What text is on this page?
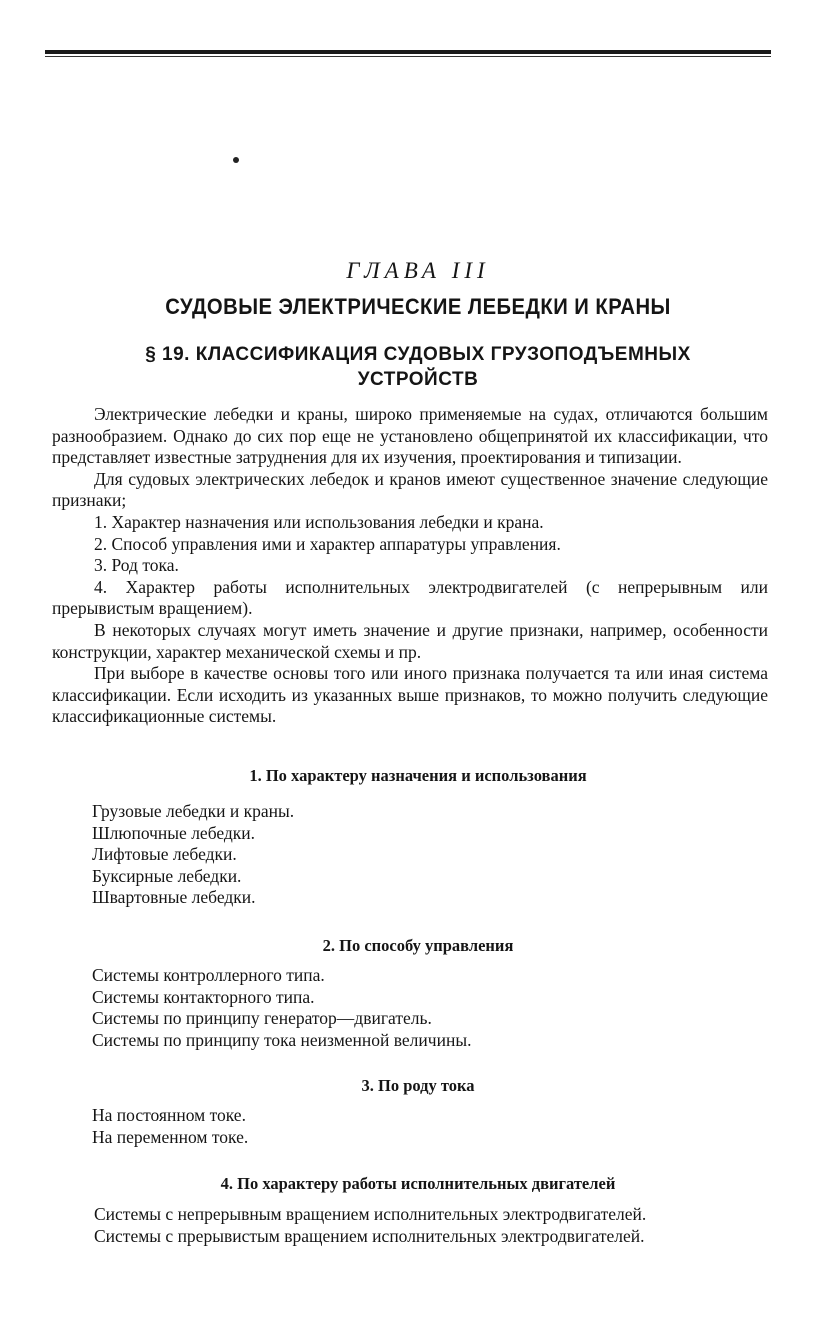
ГЛАВА III
СУДОВЫЕ ЭЛЕКТРИЧЕСКИЕ ЛЕБЕДКИ И КРАНЫ
§ 19. КЛАССИФИКАЦИЯ СУДОВЫХ ГРУЗОПОДЪЕМНЫХ
УСТРОЙСТВ

Электрические лебедки и краны, широко применяемые на судах, отличаются большим разнообразием. Однако до сих пор еще не установлено общепринятой их классификации, что представляет известные затруднения для их изучения, проектирования и типизации.

Для судовых электрических лебедок и кранов имеют существенное значение следующие признаки;

1. Характер назначения или использования лебедки и крана.

2. Способ управления ими и характер аппаратуры управления.

3. Род тока.

4. Характер работы исполнительных электродвигателей (с непрерывным или прерывистым вращением).

В некоторых случаях могут иметь значение и другие признаки, например, особенности конструкции, характер механической схемы и пр.

При выборе в качестве основы того или иного признака получается та или иная система классификации. Если исходить из указанных выше признаков, то можно получить следующие классификационные системы.

1. По характеру назначения и использования
Грузовые лебедки и краны.
Шлюпочные лебедки.
Лифтовые лебедки.
Буксирные лебедки.
Швартовные лебедки.
2. По способу управления
Системы контроллерного типа.
Системы контакторного типа.
Системы по принципу генератор—двигатель.
Системы по принципу тока неизменной величины.
3. По роду тока
На постоянном токе.
На переменном токе.
4. По характеру работы исполнительных двигателей

Системы с непрерывным вращением исполнительных электродвигателей.

Системы с прерывистым вращением исполнительных электродвигателей.
